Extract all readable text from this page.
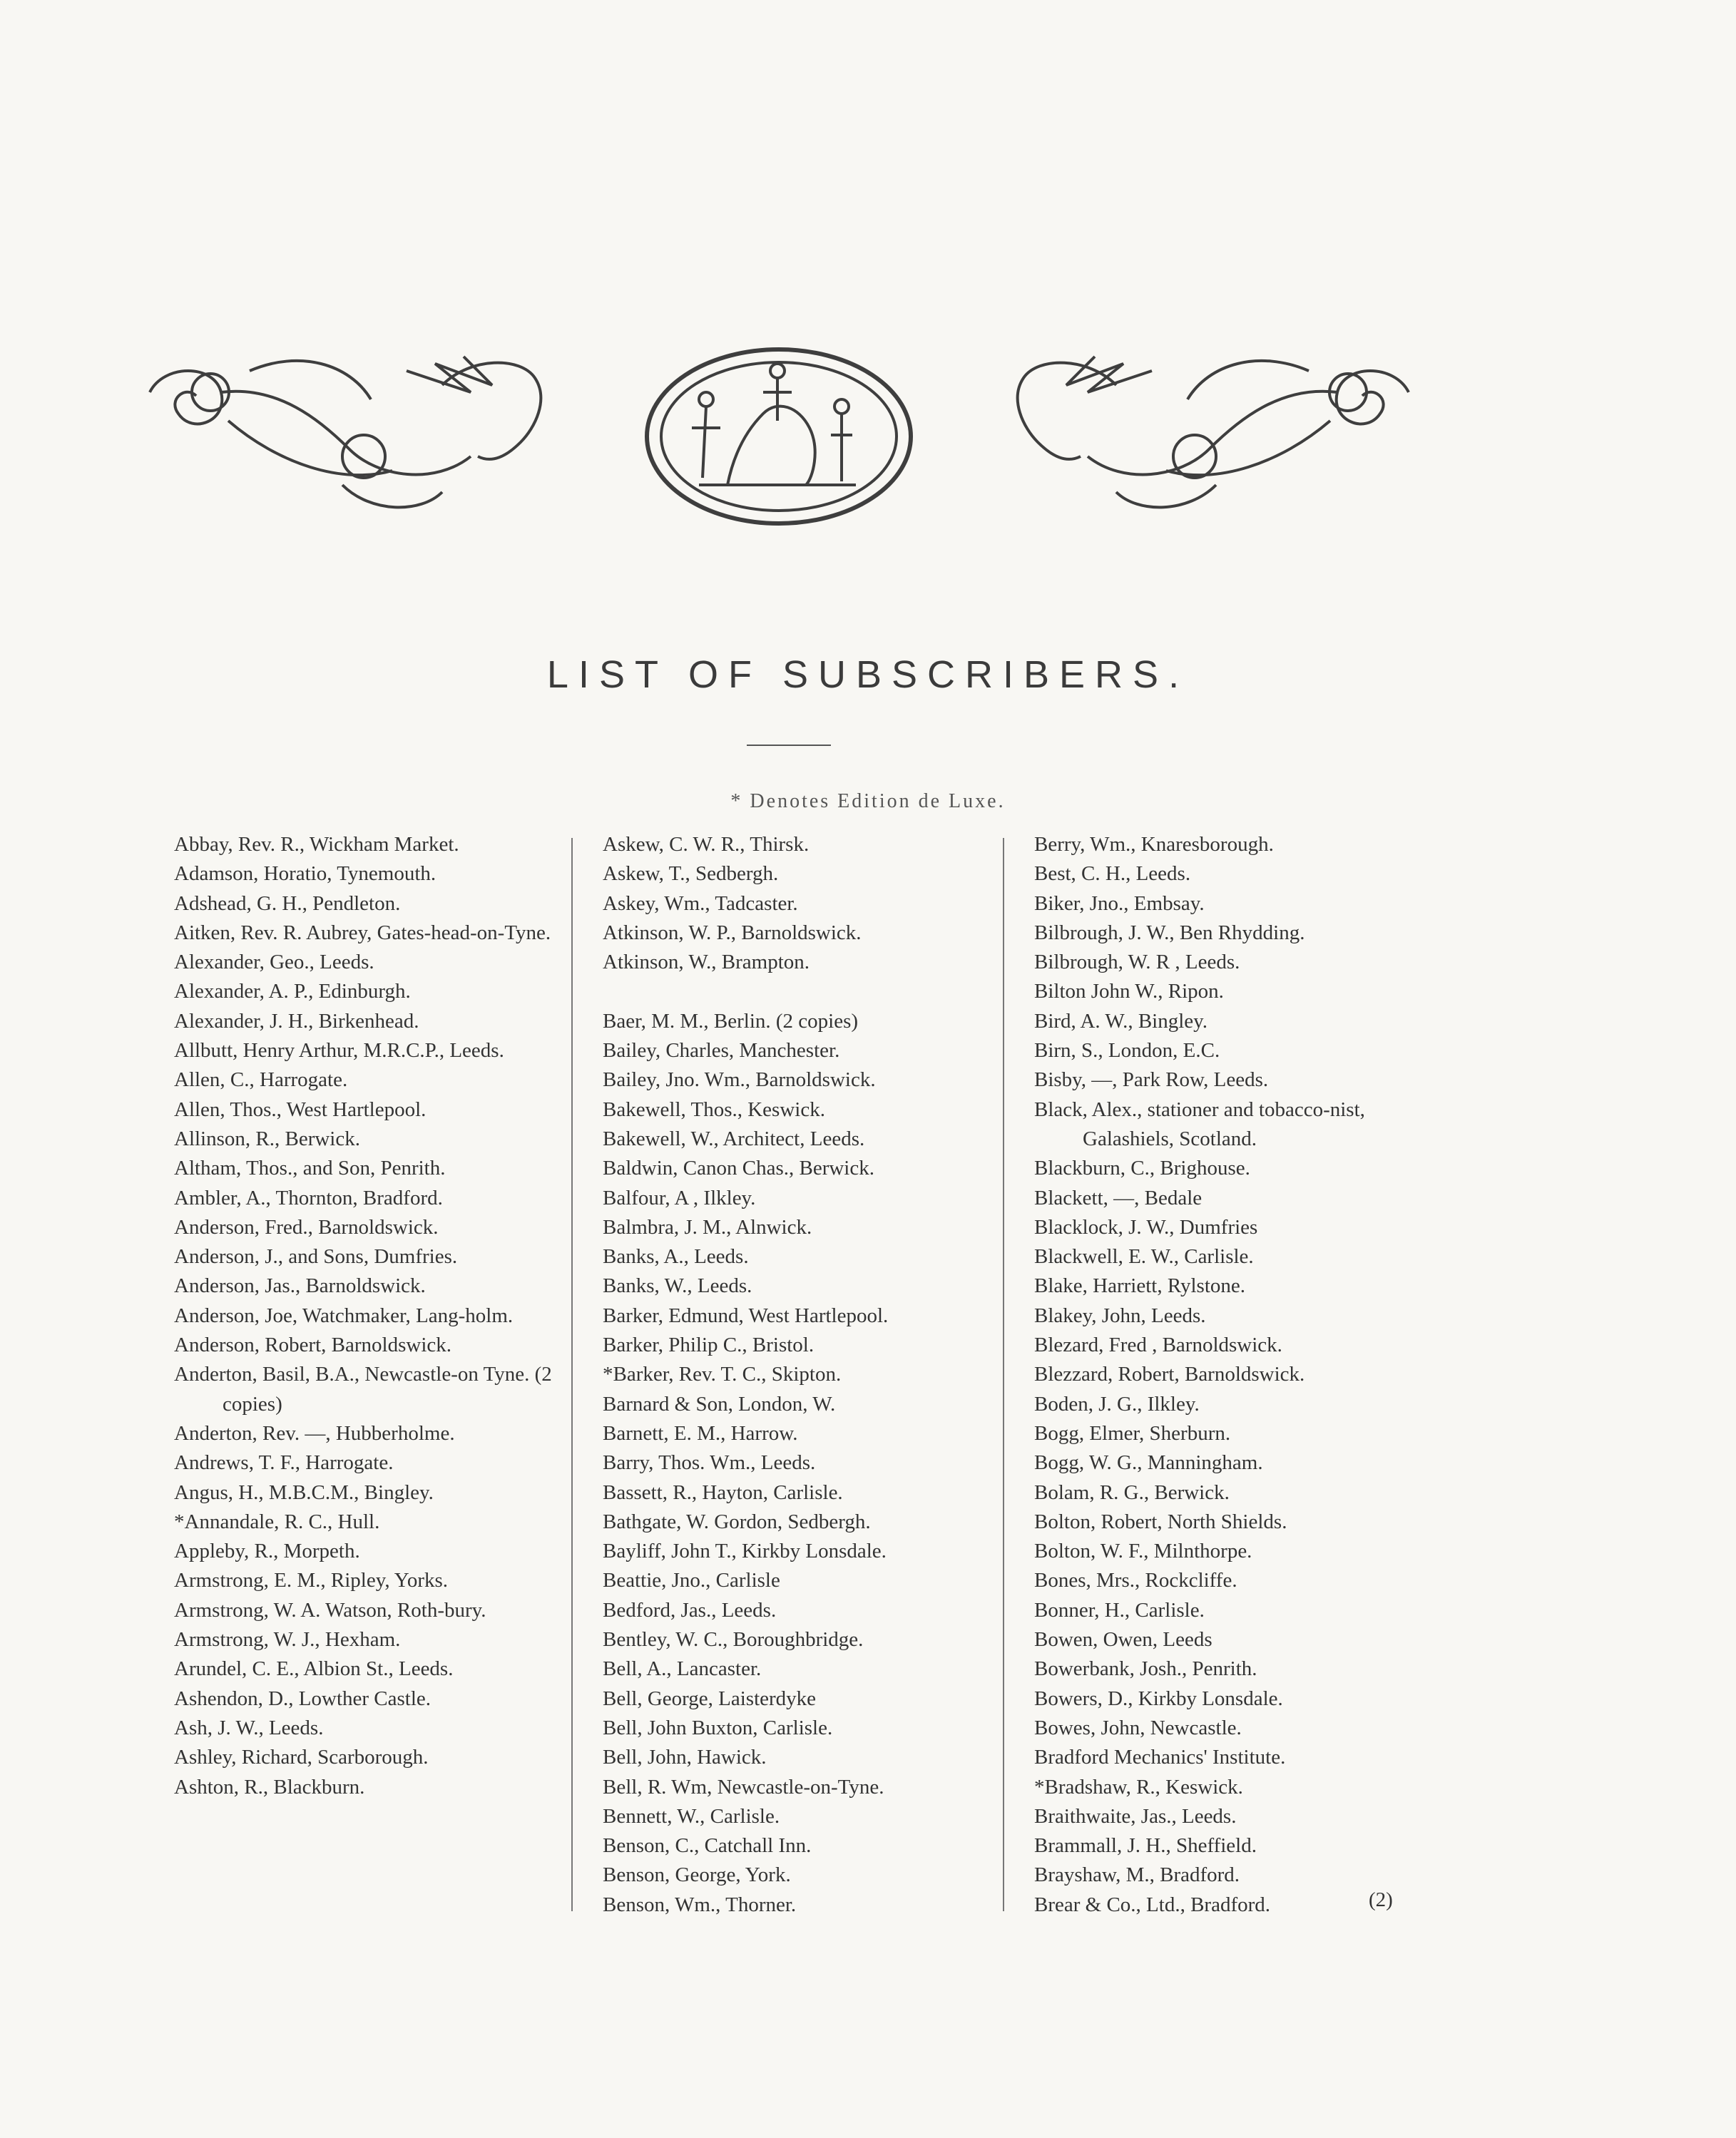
LIST OF SUBSCRIBERS.
* Denotes Edition de Luxe.
Abbay, Rev. R., Wickham Market.
Adamson, Horatio, Tynemouth.
Adshead, G. H., Pendleton.
Aitken, Rev. R. Aubrey, Gates-head-on-Tyne.
Alexander, Geo., Leeds.
Alexander, A. P., Edinburgh.
Alexander, J. H., Birkenhead.
Allbutt, Henry Arthur, M.R.C.P., Leeds.
Allen, C., Harrogate.
Allen, Thos., West Hartlepool.
Allinson, R., Berwick.
Altham, Thos., and Son, Penrith.
Ambler, A., Thornton, Bradford.
Anderson, Fred., Barnoldswick.
Anderson, J., and Sons, Dumfries.
Anderson, Jas., Barnoldswick.
Anderson, Joe, Watchmaker, Lang-holm.
Anderson, Robert, Barnoldswick.
Anderton, Basil, B.A., Newcastle-on Tyne. (2 copies)
Anderton, Rev. —, Hubberholme.
Andrews, T. F., Harrogate.
Angus, H., M.B.C.M., Bingley.
*Annandale, R. C., Hull.
Appleby, R., Morpeth.
Armstrong, E. M., Ripley, Yorks.
Armstrong, W. A. Watson, Roth-bury.
Armstrong, W. J., Hexham.
Arundel, C. E., Albion St., Leeds.
Ashendon, D., Lowther Castle.
Ash, J. W., Leeds.
Ashley, Richard, Scarborough.
Ashton, R., Blackburn.
Askew, C. W. R., Thirsk.
Askew, T., Sedbergh.
Askey, Wm., Tadcaster.
Atkinson, W. P., Barnoldswick.
Atkinson, W., Brampton.
Baer, M. M., Berlin. (2 copies)
Bailey, Charles, Manchester.
Bailey, Jno. Wm., Barnoldswick.
Bakewell, Thos., Keswick.
Bakewell, W., Architect, Leeds.
Baldwin, Canon Chas., Berwick.
Balfour, A , Ilkley.
Balmbra, J. M., Alnwick.
Banks, A., Leeds.
Banks, W., Leeds.
Barker, Edmund, West Hartlepool.
Barker, Philip C., Bristol.
*Barker, Rev. T. C., Skipton.
Barnard & Son, London, W.
Barnett, E. M., Harrow.
Barry, Thos. Wm., Leeds.
Bassett, R., Hayton, Carlisle.
Bathgate, W. Gordon, Sedbergh.
Bayliff, John T., Kirkby Lonsdale.
Beattie, Jno., Carlisle
Bedford, Jas., Leeds.
Bentley, W. C., Boroughbridge.
Bell, A., Lancaster.
Bell, George, Laisterdyke
Bell, John Buxton, Carlisle.
Bell, John, Hawick.
Bell, R. Wm, Newcastle-on-Tyne.
Bennett, W., Carlisle.
Benson, C., Catchall Inn.
Benson, George, York.
Benson, Wm., Thorner.
Berry, Wm., Knaresborough.
Best, C. H., Leeds.
Biker, Jno., Embsay.
Bilbrough, J. W., Ben Rhydding.
Bilbrough, W. R , Leeds.
Bilton John W., Ripon.
Bird, A. W., Bingley.
Birn, S., London, E.C.
Bisby, —, Park Row, Leeds.
Black, Alex., stationer and tobacco-nist, Galashiels, Scotland.
Blackburn, C., Brighouse.
Blackett, —, Bedale
Blacklock, J. W., Dumfries
Blackwell, E. W., Carlisle.
Blake, Harriett, Rylstone.
Blakey, John, Leeds.
Blezard, Fred , Barnoldswick.
Blezzard, Robert, Barnoldswick.
Boden, J. G., Ilkley.
Bogg, Elmer, Sherburn.
Bogg, W. G., Manningham.
Bolam, R. G., Berwick.
Bolton, Robert, North Shields.
Bolton, W. F., Milnthorpe.
Bones, Mrs., Rockcliffe.
Bonner, H., Carlisle.
Bowen, Owen, Leeds
Bowerbank, Josh., Penrith.
Bowers, D., Kirkby Lonsdale.
Bowes, John, Newcastle.
Bradford Mechanics' Institute.
*Bradshaw, R., Keswick.
Braithwaite, Jas., Leeds.
Brammall, J. H., Sheffield.
Brayshaw, M., Bradford.
Brear & Co., Ltd., Bradford.	(2)
